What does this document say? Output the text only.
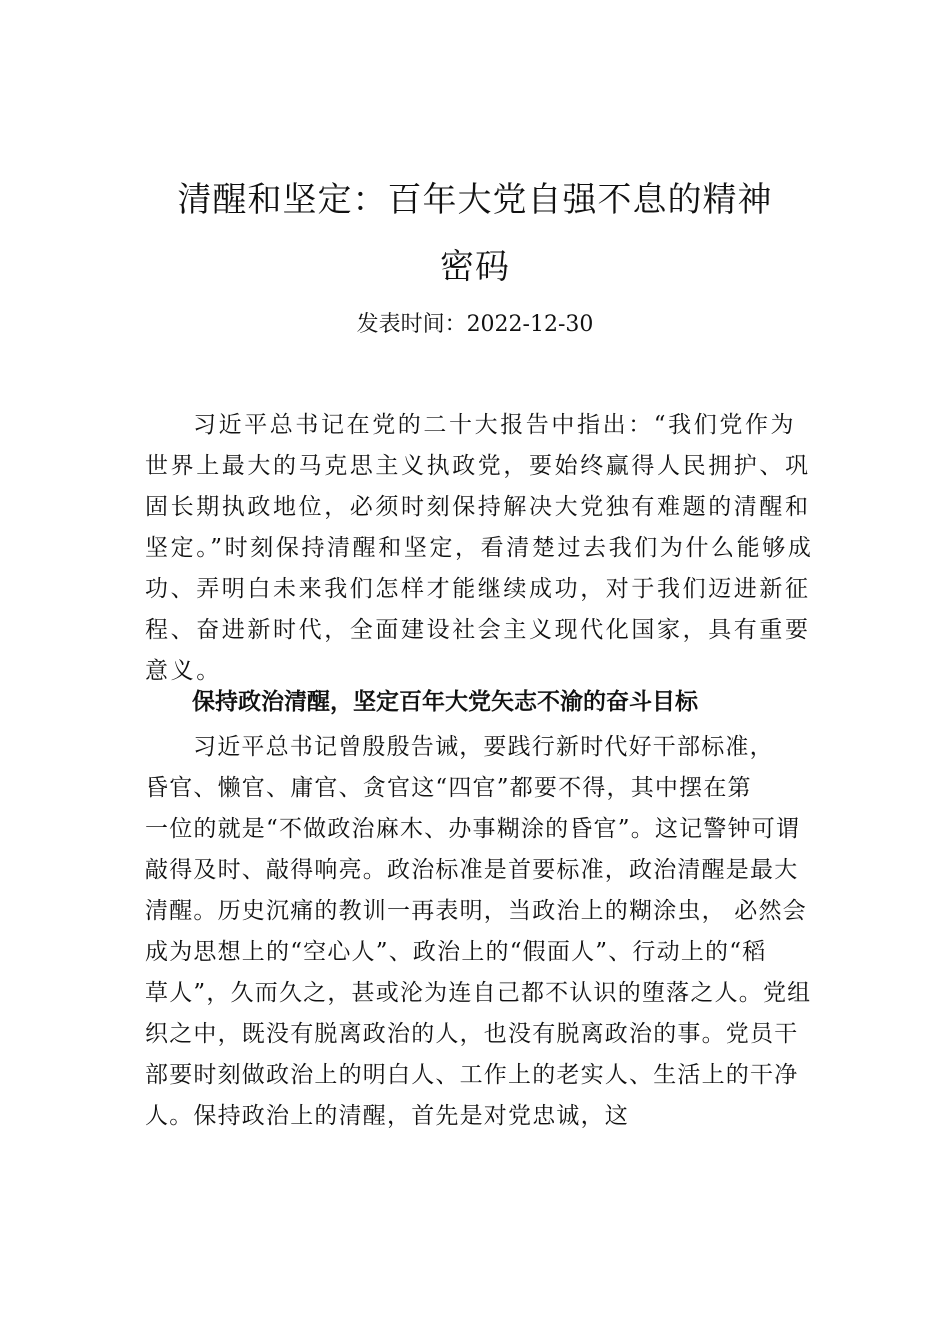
清醒和坚定：百年大党自强不息的精神
密码
发表时间：2022-12-30
习近平总书记在党的二十大报告中指出：“我们党作为
世界上最大的马克思主义执政党，要始终赢得人民拥护、巩
固长期执政地位，必须时刻保持解决大党独有难题的清醒和
坚定。”时刻保持清醒和坚定，看清楚过去我们为什么能够成
功、弄明白未来我们怎样才能继续成功，对于我们迈进新征
程、奋进新时代，全面建设社会主义现代化国家，具有重要
意义。
保持政治清醒，坚定百年大党矢志不渝的奋斗目标
习近平总书记曾殷殷告诫，要践行新时代好干部标准，
昏官、懒官、庸官、贪官这“四官”都要不得，其中摆在第
一位的就是“不做政治麻木、办事糊涂的昏官”。这记警钟可谓
敲得及时、敲得响亮。政治标准是首要标准，政治清醒是最大
清醒。历史沉痛的教训一再表明，当政治上的糊涂虫， 必然会
成为思想上的“空心人”、政治上的“假面人”、行动上的“稻
草人”，久而久之，甚或沦为连自己都不认识的堕落之人。党组
织之中，既没有脱离政治的人，也没有脱离政治的事。党员干
部要时刻做政治上的明白人、工作上的老实人、生活上的干净
人。保持政治上的清醒，首先是对党忠诚，这
